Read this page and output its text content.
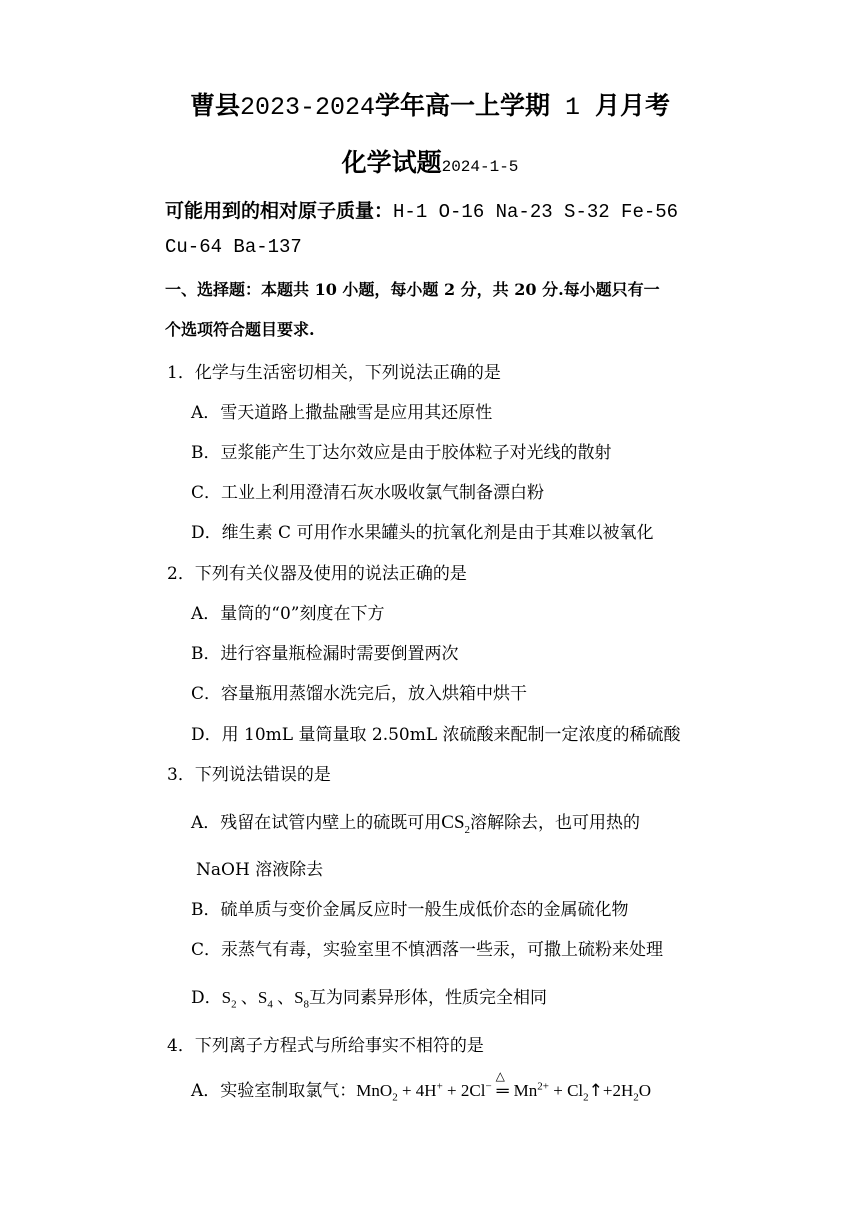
曹县2023-2024学年高一上学期 1 月月考
化学试题2024-1-5
可能用到的相对原子质量：H-1 O-16 Na-23 S-32 Fe-56
Cu-64 Ba-137
一、选择题：本题共 10 小题，每小题 2 分，共 20 分.每小题只有一
个选项符合题目要求.
1．化学与生活密切相关，下列说法正确的是
A．雪天道路上撒盐融雪是应用其还原性
B．豆浆能产生丁达尔效应是由于胶体粒子对光线的散射
C．工业上利用澄清石灰水吸收氯气制备漂白粉
D．维生素 C 可用作水果罐头的抗氧化剂是由于其难以被氧化
2．下列有关仪器及使用的说法正确的是
A．量筒的“0”刻度在下方
B．进行容量瓶检漏时需要倒置两次
C．容量瓶用蒸馏水洗完后，放入烘箱中烘干
D．用 10mL 量筒量取 2.50mL 浓硫酸来配制一定浓度的稀硫酸
3．下列说法错误的是
A．残留在试管内壁上的硫既可用$CS_2$溶解除去，也可用热的
NaOH 溶液除去
B．硫单质与变价金属反应时一般生成低价态的金属硫化物
C．汞蒸气有毒，实验室里不慎洒落一些汞，可撒上硫粉来处理
D．$S_2$ 、$S_4$ 、$S_8$互为同素异形体，性质完全相同
4．下列离子方程式与所给事实不相符的是
A．实验室制取氯气：MnO$_2$ + 4H+ + 2Cl−
△
═ $Mn^{2+}$ + $Cl_2↑+2H_2O$
